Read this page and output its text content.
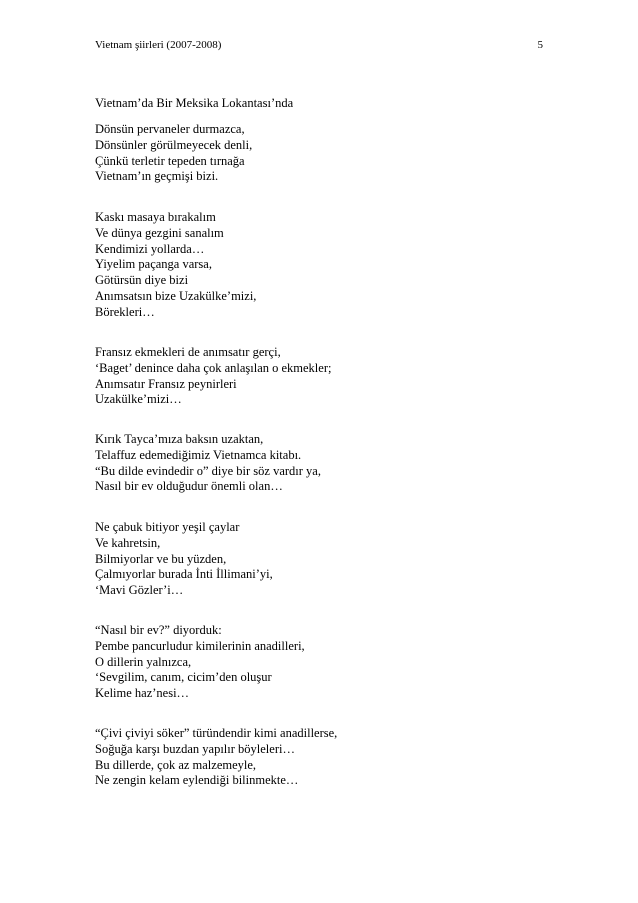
Vietnam şiirleri (2007-2008)	5
Vietnam’da Bir Meksika Lokantası’nda
Dönsün pervaneler durmazca,
Dönsünler görülmeyecek denli,
Çünkü terletir tepeden tırnağa
Vietnam’ın geçmişi bizi.
Kaskı masaya bırakalım
Ve dünya gezgini sanalım
Kendimizi yollarda…
Yiyelim paçanga varsa,
Götürsün diye bizi
Anımsatsın bize Uzakülke’mizi,
Börekleri…
Fransız ekmekleri de anımsatır gerçi,
‘Baget’ denince daha çok anlaşılan o ekmekler;
Anımsatır Fransız peynirleri
Uzakülke’mizi…
Kırık Tayca’mıza baksın uzaktan,
Telaffuz edemediğimiz Vietnamca kitabı.
“Bu dilde evindedir o” diye bir söz vardır ya,
Nasıl bir ev olduğudur önemli olan…
Ne çabuk bitiyor yeşil çaylar
Ve kahretsin,
Bilmiyorlar ve bu yüzden,
Çalmıyorlar burada İnti İllimani’yi,
‘Mavi Gözler’i…
“Nasıl bir ev?” diyorduk:
Pembe pancurludur kimilerinin anadilleri,
O dillerin yalnızca,
‘Sevgilim, canım, cicim’den oluşur
Kelime haz’nesi…
“Çivi çiviyi söker” türündendir kimi anadillerse,
Soğuğa karşı buzdan yapılır böyleleri…
Bu dillerde, çok az malzemeyle,
Ne zengin kelam eylendiği bilinmekte…
